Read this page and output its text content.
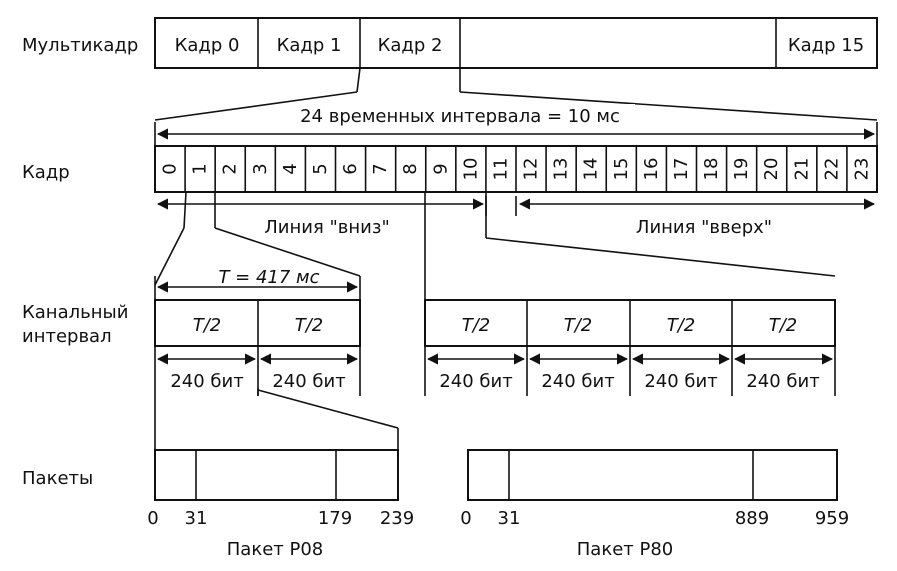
Мультикадр
Кадр
Канальный
интервал
Пакеты
Кадр 0 Кадр 1 Кадр 2	Кадр 15
24 временных интервала = 10 мс
0 1 2 3 4 5 6 7 8 9 10 11 12 13 14 15 16 17 18 19 20 21 22 23
Линия "вниз"	Линия "вверх"
T = 417 мс
T/2	T/2
240 бит 240 бит
T/2	T/2	T/2	T/2
240 бит 240 бит 240 бит 240 бит
0 31	179 239
Пакет P08
0 31	889	959
Пакет P80
